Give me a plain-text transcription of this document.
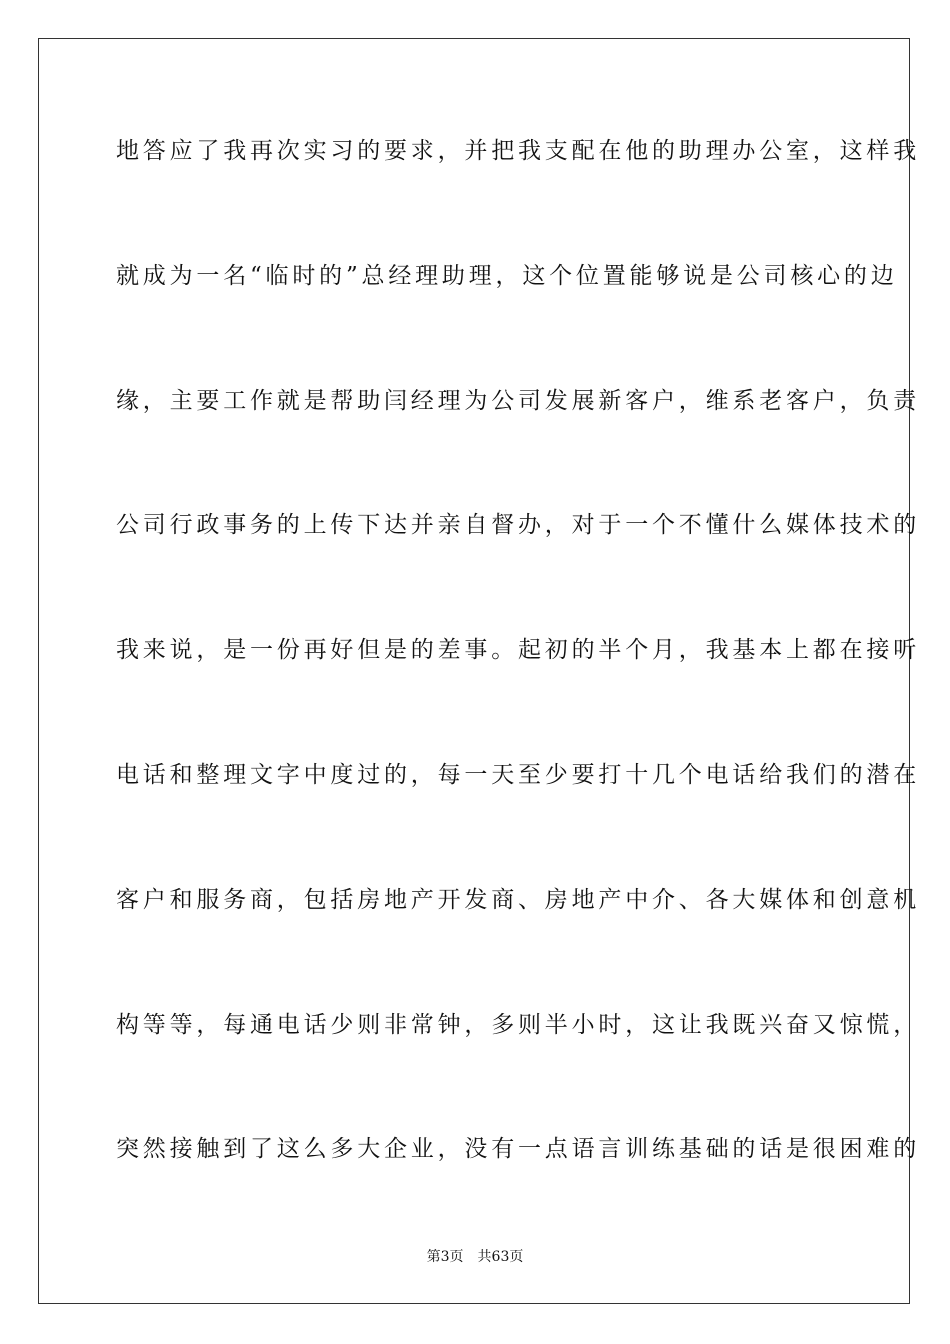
地答应了我再次实习的要求，并把我支配在他的助理办公室，这样我
就成为一名“临时的”总经理助理，这个位置能够说是公司核心的边
缘，主要工作就是帮助闫经理为公司发展新客户，维系老客户，负责
公司行政事务的上传下达并亲自督办，对于一个不懂什么媒体技术的
我来说，是一份再好但是的差事。起初的半个月，我基本上都在接听
电话和整理文字中度过的，每一天至少要打十几个电话给我们的潜在
客户和服务商，包括房地产开发商、房地产中介、各大媒体和创意机
构等等，每通电话少则非常钟，多则半小时，这让我既兴奋又惊慌，
突然接触到了这么多大企业，没有一点语言训练基础的话是很困难的
第3页 共63页
